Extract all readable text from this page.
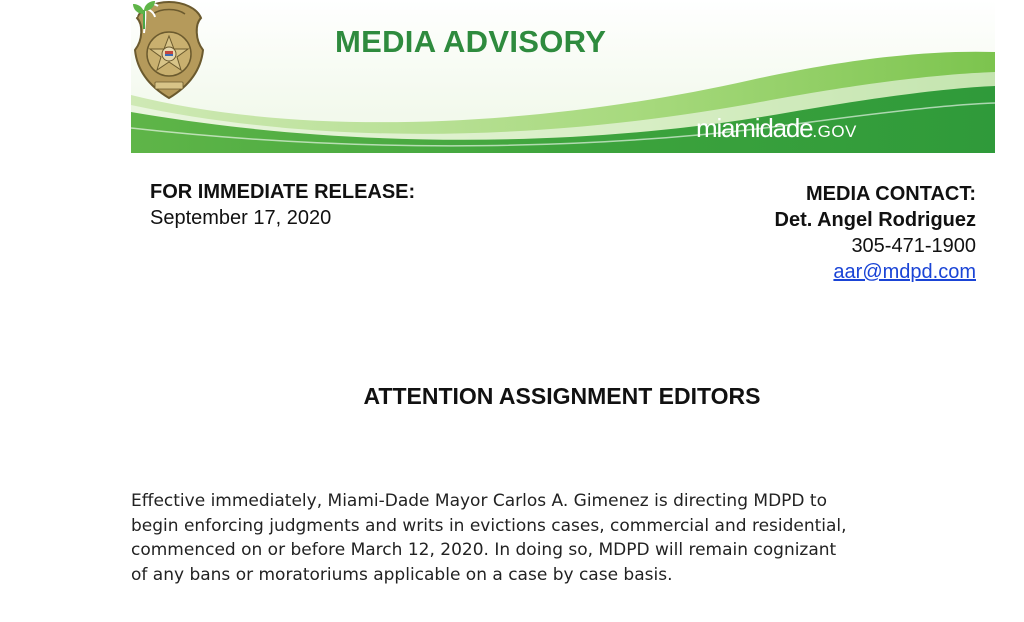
MEDIA ADVISORY
miamidade.GOV
FOR IMMEDIATE RELEASE:
September 17, 2020
MEDIA CONTACT:
Det. Angel Rodriguez
305-471-1900
aar@mdpd.com
ATTENTION ASSIGNMENT EDITORS
Effective immediately, Miami-Dade Mayor Carlos A. Gimenez is directing MDPD to
begin enforcing judgments and writs in evictions cases, commercial and residential,
commenced on or before March 12, 2020. In doing so, MDPD will remain cognizant
of any bans or moratoriums applicable on a case by case basis.
